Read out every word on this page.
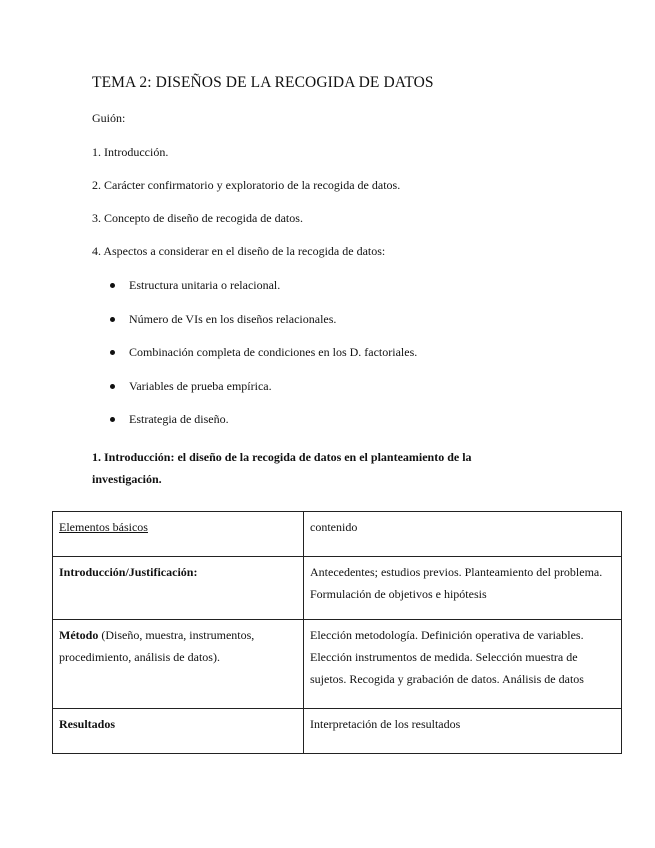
TEMA 2: DISEÑOS DE LA RECOGIDA DE DATOS
Guión:
1. Introducción.
2. Carácter confirmatorio y exploratorio de la recogida de datos.
3. Concepto de diseño de recogida de datos.
4. Aspectos a considerar en el diseño de la recogida de datos:
Estructura unitaria o relacional.
Número de VIs en los diseños relacionales.
Combinación completa de condiciones en los D. factoriales.
Variables de prueba empírica.
Estrategia de diseño.
1. Introducción: el diseño de la recogida de datos en el planteamiento de la investigación.
Elementos básicos	contenido
Introducción/Justificación:	Antecedentes; estudios previos. Planteamiento del problema. Formulación de objetivos e hipótesis
Método (Diseño, muestra, instrumentos, procedimiento, análisis de datos).	Elección metodología. Definición operativa de variables. Elección instrumentos de medida. Selección muestra de sujetos. Recogida y grabación de datos. Análisis de datos
Resultados	Interpretación de los resultados
